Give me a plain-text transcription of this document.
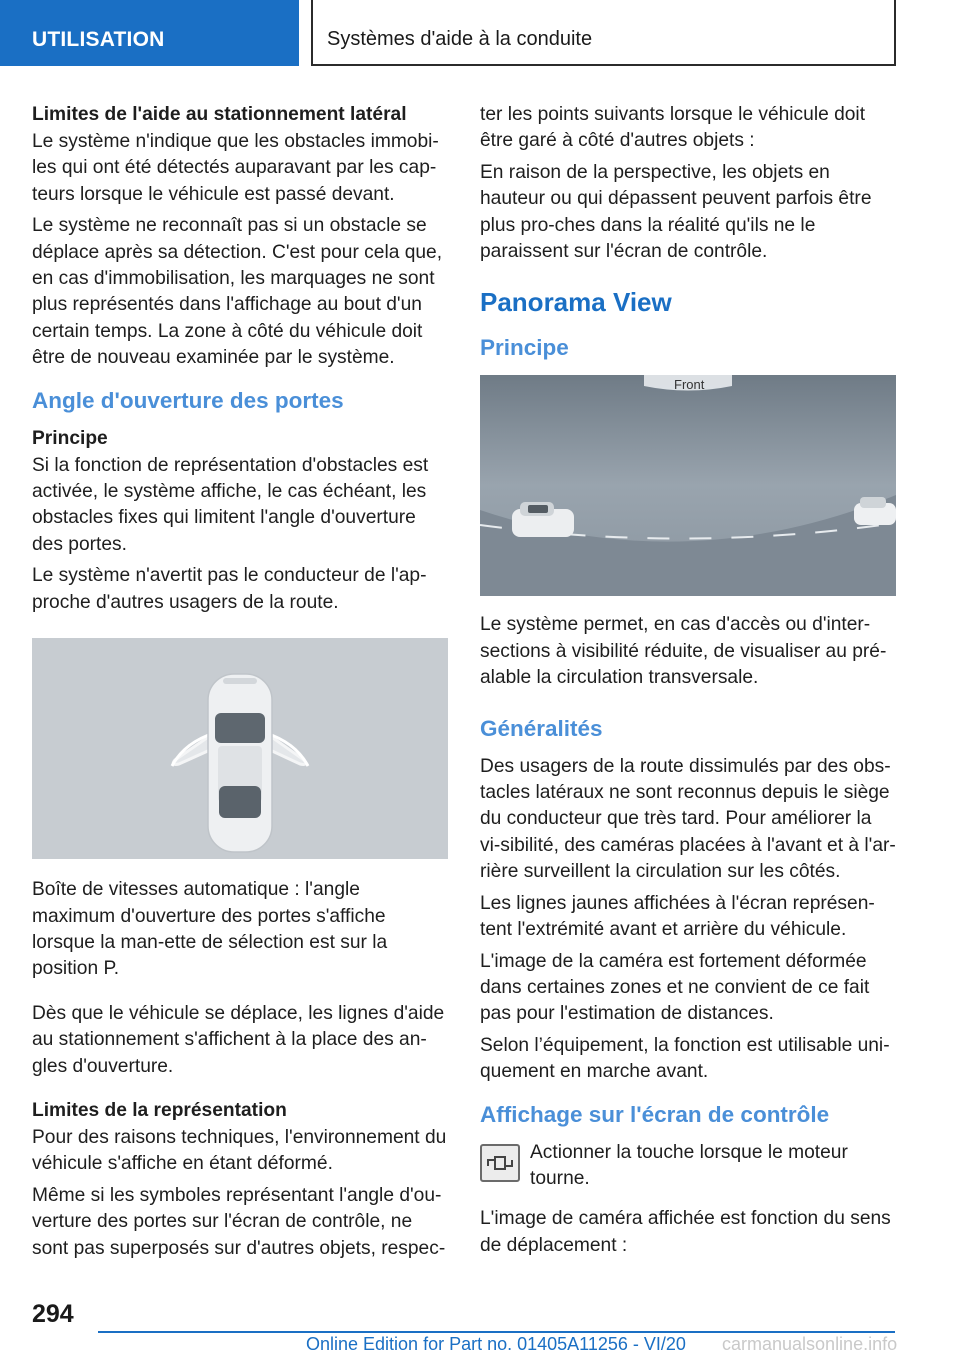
UTILISATION	Systèmes d'aide à la conduite
Limites de l'aide au stationnement latéral

Le système n'indique que les obstacles immobi-les qui ont été détectés auparavant par les cap-teurs lorsque le véhicule est passé devant.

Le système ne reconnaît pas si un obstacle se déplace après sa détection. C'est pour cela que, en cas d'immobilisation, les marquages ne sont plus représentés dans l'affichage au bout d'un certain temps. La zone à côté du véhicule doit être de nouveau examinée par le système.

Angle d'ouverture des portes
Principe

Si la fonction de représentation d'obstacles est activée, le système affiche, le cas échéant, les obstacles fixes qui limitent l'angle d'ouverture des portes.

Le système n'avertit pas le conducteur de l'ap-proche d'autres usagers de la route.

Boîte de vitesses automatique : l'angle maximum d'ouverture des portes s'affiche lorsque la man-ette de sélection est sur la position P.

Dès que le véhicule se déplace, les lignes d'aide au stationnement s'affichent à la place des an-gles d'ouverture.

Limites de la représentation

Pour des raisons techniques, l'environnement du véhicule s'affiche en étant déformé.

Même si les symboles représentant l'angle d'ou-verture des portes sur l'écran de contrôle, ne sont pas superposés sur d'autres objets, respec-

ter les points suivants lorsque le véhicule doit être garé à côté d'autres objets :

En raison de la perspective, les objets en hauteur ou qui dépassent peuvent parfois être plus pro-ches dans la réalité qu'ils ne le paraissent sur l'écran de contrôle.

Panorama View
Principe
Front

Le système permet, en cas d'accès ou d'inter-sections à visibilité réduite, de visualiser au pré-alable la circulation transversale.

Généralités

Des usagers de la route dissimulés par des obs-tacles latéraux ne sont reconnus depuis le siège du conducteur que très tard. Pour améliorer la vi-sibilité, des caméras placées à l'avant et à l'ar-rière surveillent la circulation sur les côtés.

Les lignes jaunes affichées à l'écran représen-tent l'extrémité avant et arrière du véhicule.

L'image de la caméra est fortement déformée dans certaines zones et ne convient de ce fait pas pour l'estimation de distances.

Selon l’équipement, la fonction est utilisable uni-quement en marche avant.

Affichage sur l'écran de contrôle

Actionner la touche lorsque le moteur tourne.

L'image de caméra affichée est fonction du sens de déplacement :

294
Online Edition for Part no. 01405A11256 - VI/20 carmanualsonline.info
